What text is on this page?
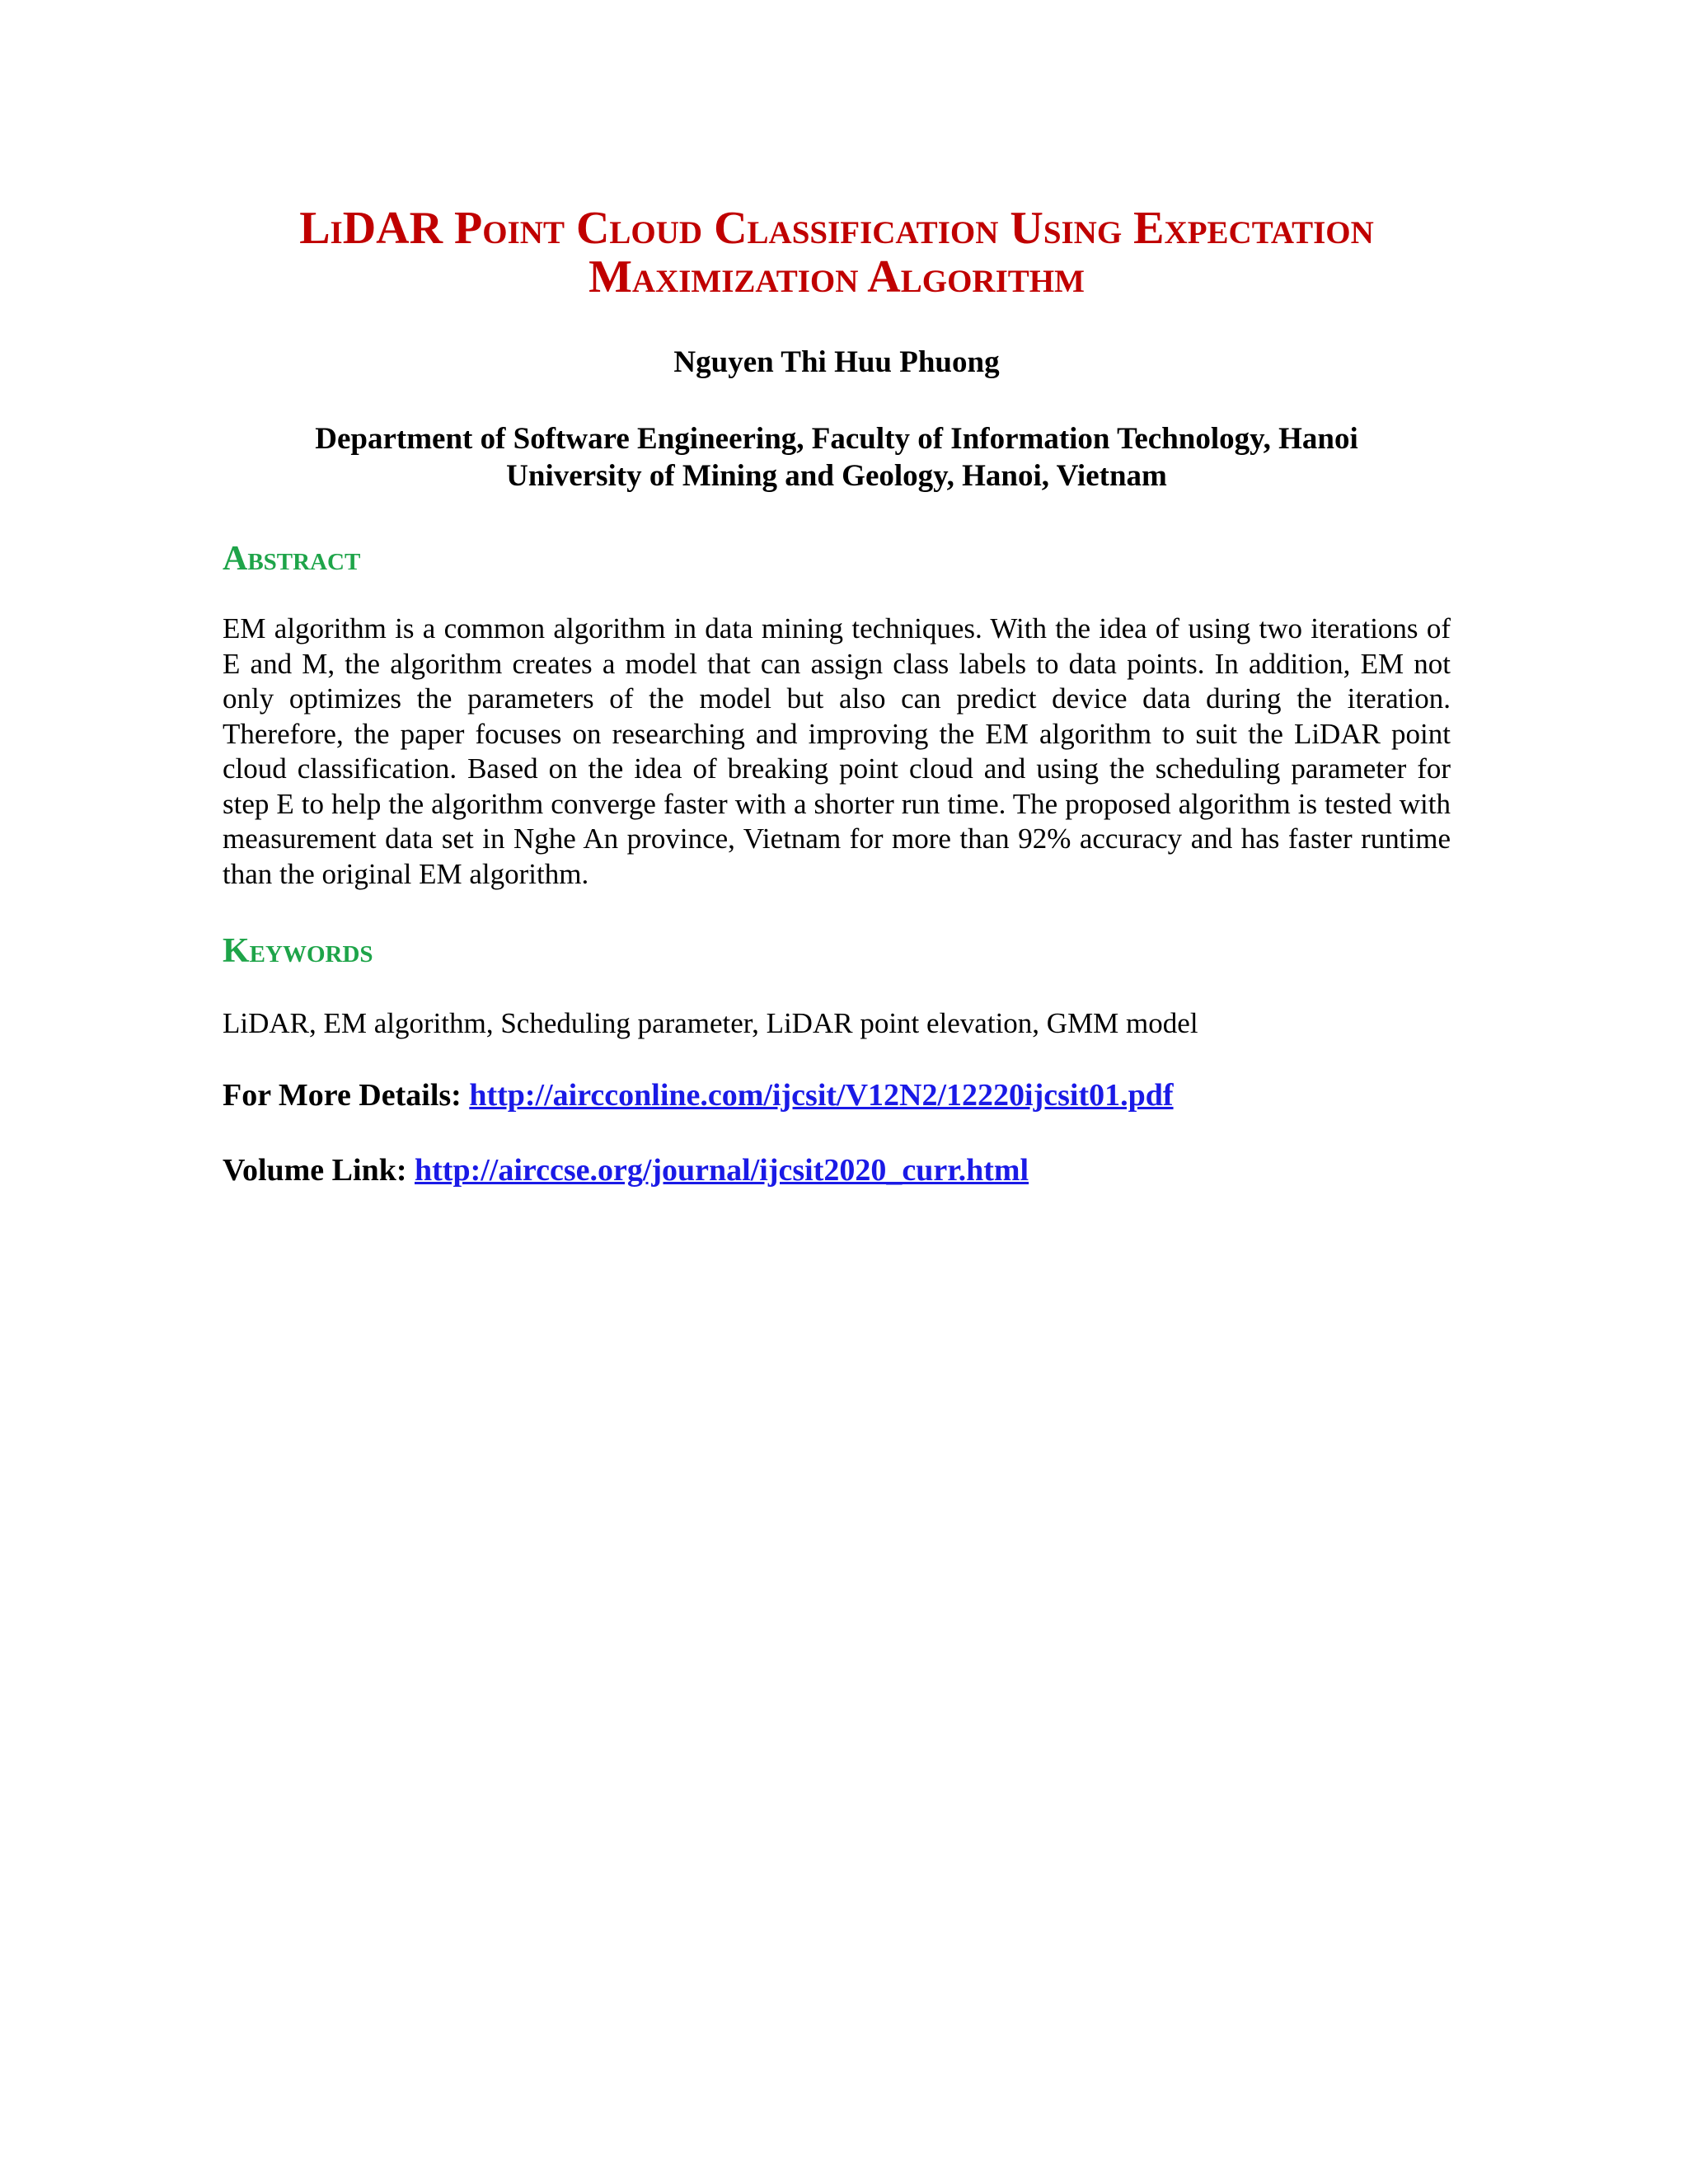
LiDAR Point Cloud Classification Using Expectation
Maximization Algorithm
Nguyen Thi Huu Phuong
Department of Software Engineering, Faculty of Information Technology, Hanoi
University of Mining and Geology, Hanoi, Vietnam
Abstract

EM algorithm is a common algorithm in data mining techniques. With the idea of using two iterations of E and M, the algorithm creates a model that can assign class labels to data points. In addition, EM not only optimizes the parameters of the model but also can predict device data during the iteration. Therefore, the paper focuses on researching and improving the EM algorithm to suit the LiDAR point cloud classification. Based on the idea of breaking point cloud and using the scheduling parameter for step E to help the algorithm converge faster with a shorter run time. The proposed algorithm is tested with measurement data set in Nghe An province, Vietnam for more than 92% accuracy and has faster runtime than the original EM algorithm.

Keywords
LiDAR, EM algorithm, Scheduling parameter, LiDAR point elevation, GMM model
For More Details: http://aircconline.com/ijcsit/V12N2/12220ijcsit01.pdf
Volume Link: http://airccse.org/journal/ijcsit2020_curr.html
